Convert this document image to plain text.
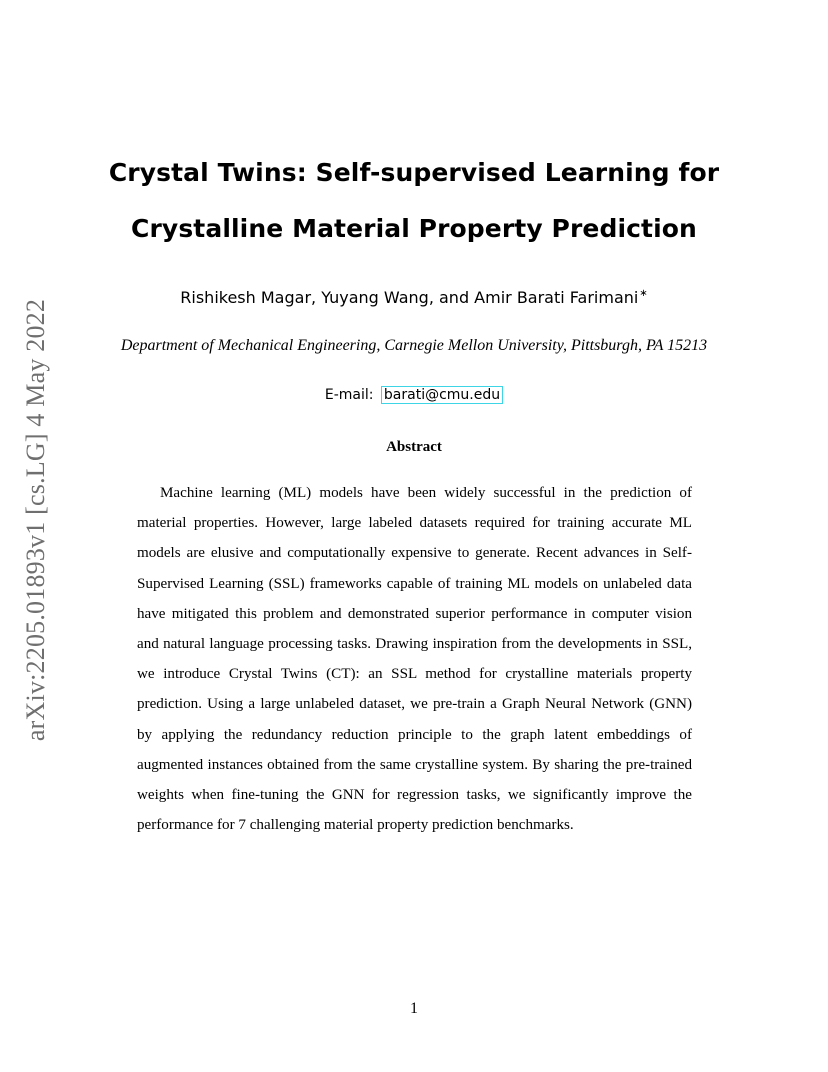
arXiv:2205.01893v1 [cs.LG] 4 May 2022
Crystal Twins: Self-supervised Learning for
Crystalline Material Property Prediction
Rishikesh Magar, Yuyang Wang, and Amir Barati Farimani∗
Department of Mechanical Engineering, Carnegie Mellon University, Pittsburgh, PA 15213
E-mail: barati@cmu.edu
Abstract

Machine learning (ML) models have been widely successful in the prediction of material properties. However, large labeled datasets required for training accurate ML models are elusive and computationally expensive to generate. Recent advances in Self-Supervised Learning (SSL) frameworks capable of training ML models on unlabeled data have mitigated this problem and demonstrated superior performance in computer vision and natural language processing tasks. Drawing inspiration from the developments in SSL, we introduce Crystal Twins (CT): an SSL method for crystalline materials property prediction. Using a large unlabeled dataset, we pre-train a Graph Neural Network (GNN) by applying the redundancy reduction principle to the graph latent embeddings of augmented instances obtained from the same crystalline system. By sharing the pre-trained weights when fine-tuning the GNN for regression tasks, we significantly improve the performance for 7 challenging material property prediction benchmarks.

1
